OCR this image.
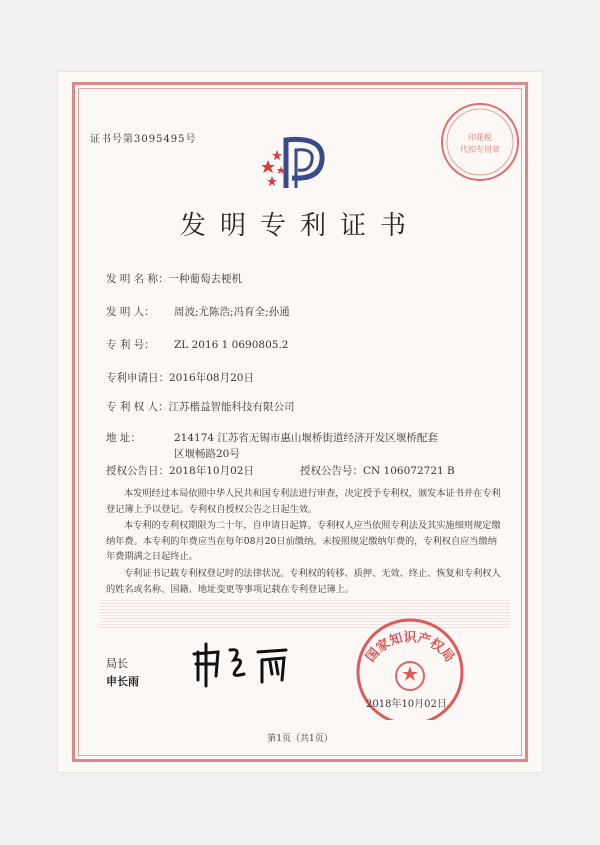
证书号第3095495号	印花税
代扣专用章
发明专利证书
发 明 名 称：一种葡萄去梗机
发 明 人： 周波;尤陈浩;冯育全;孙通
专 利 号： ZL 2016 1 0690805.2
专利申请日：2016年08月20日
专 利 权 人：江苏楷益智能科技有限公司
地 址：	214174 江苏省无锡市惠山堰桥街道经济开发区堰桥配套
区堰畅路20号
授权公告日：2018年10月02日	授权公告号：CN 106072721 B
本发明经过本局依照中华人民共和国专利法进行审查，决定授予专利权，颁发本证书并在专利登记簿上予以登记。专利权自授权公告之日起生效。
本专利的专利权期限为二十年，自申请日起算。专利权人应当依照专利法及其实施细则规定缴纳年费。本专利的年费应当在每年08月20日前缴纳。未按照规定缴纳年费的，专利权自应当缴纳年费期满之日起终止。
专利证书记载专利权登记时的法律状况。专利权的转移、质押、无效、终止、恢复和专利权人的姓名或名称、国籍、地址变更等事项记载在专利登记簿上。
局长
申长雨
国家知识产权局
2018年10月02日
第1页（共1页）
